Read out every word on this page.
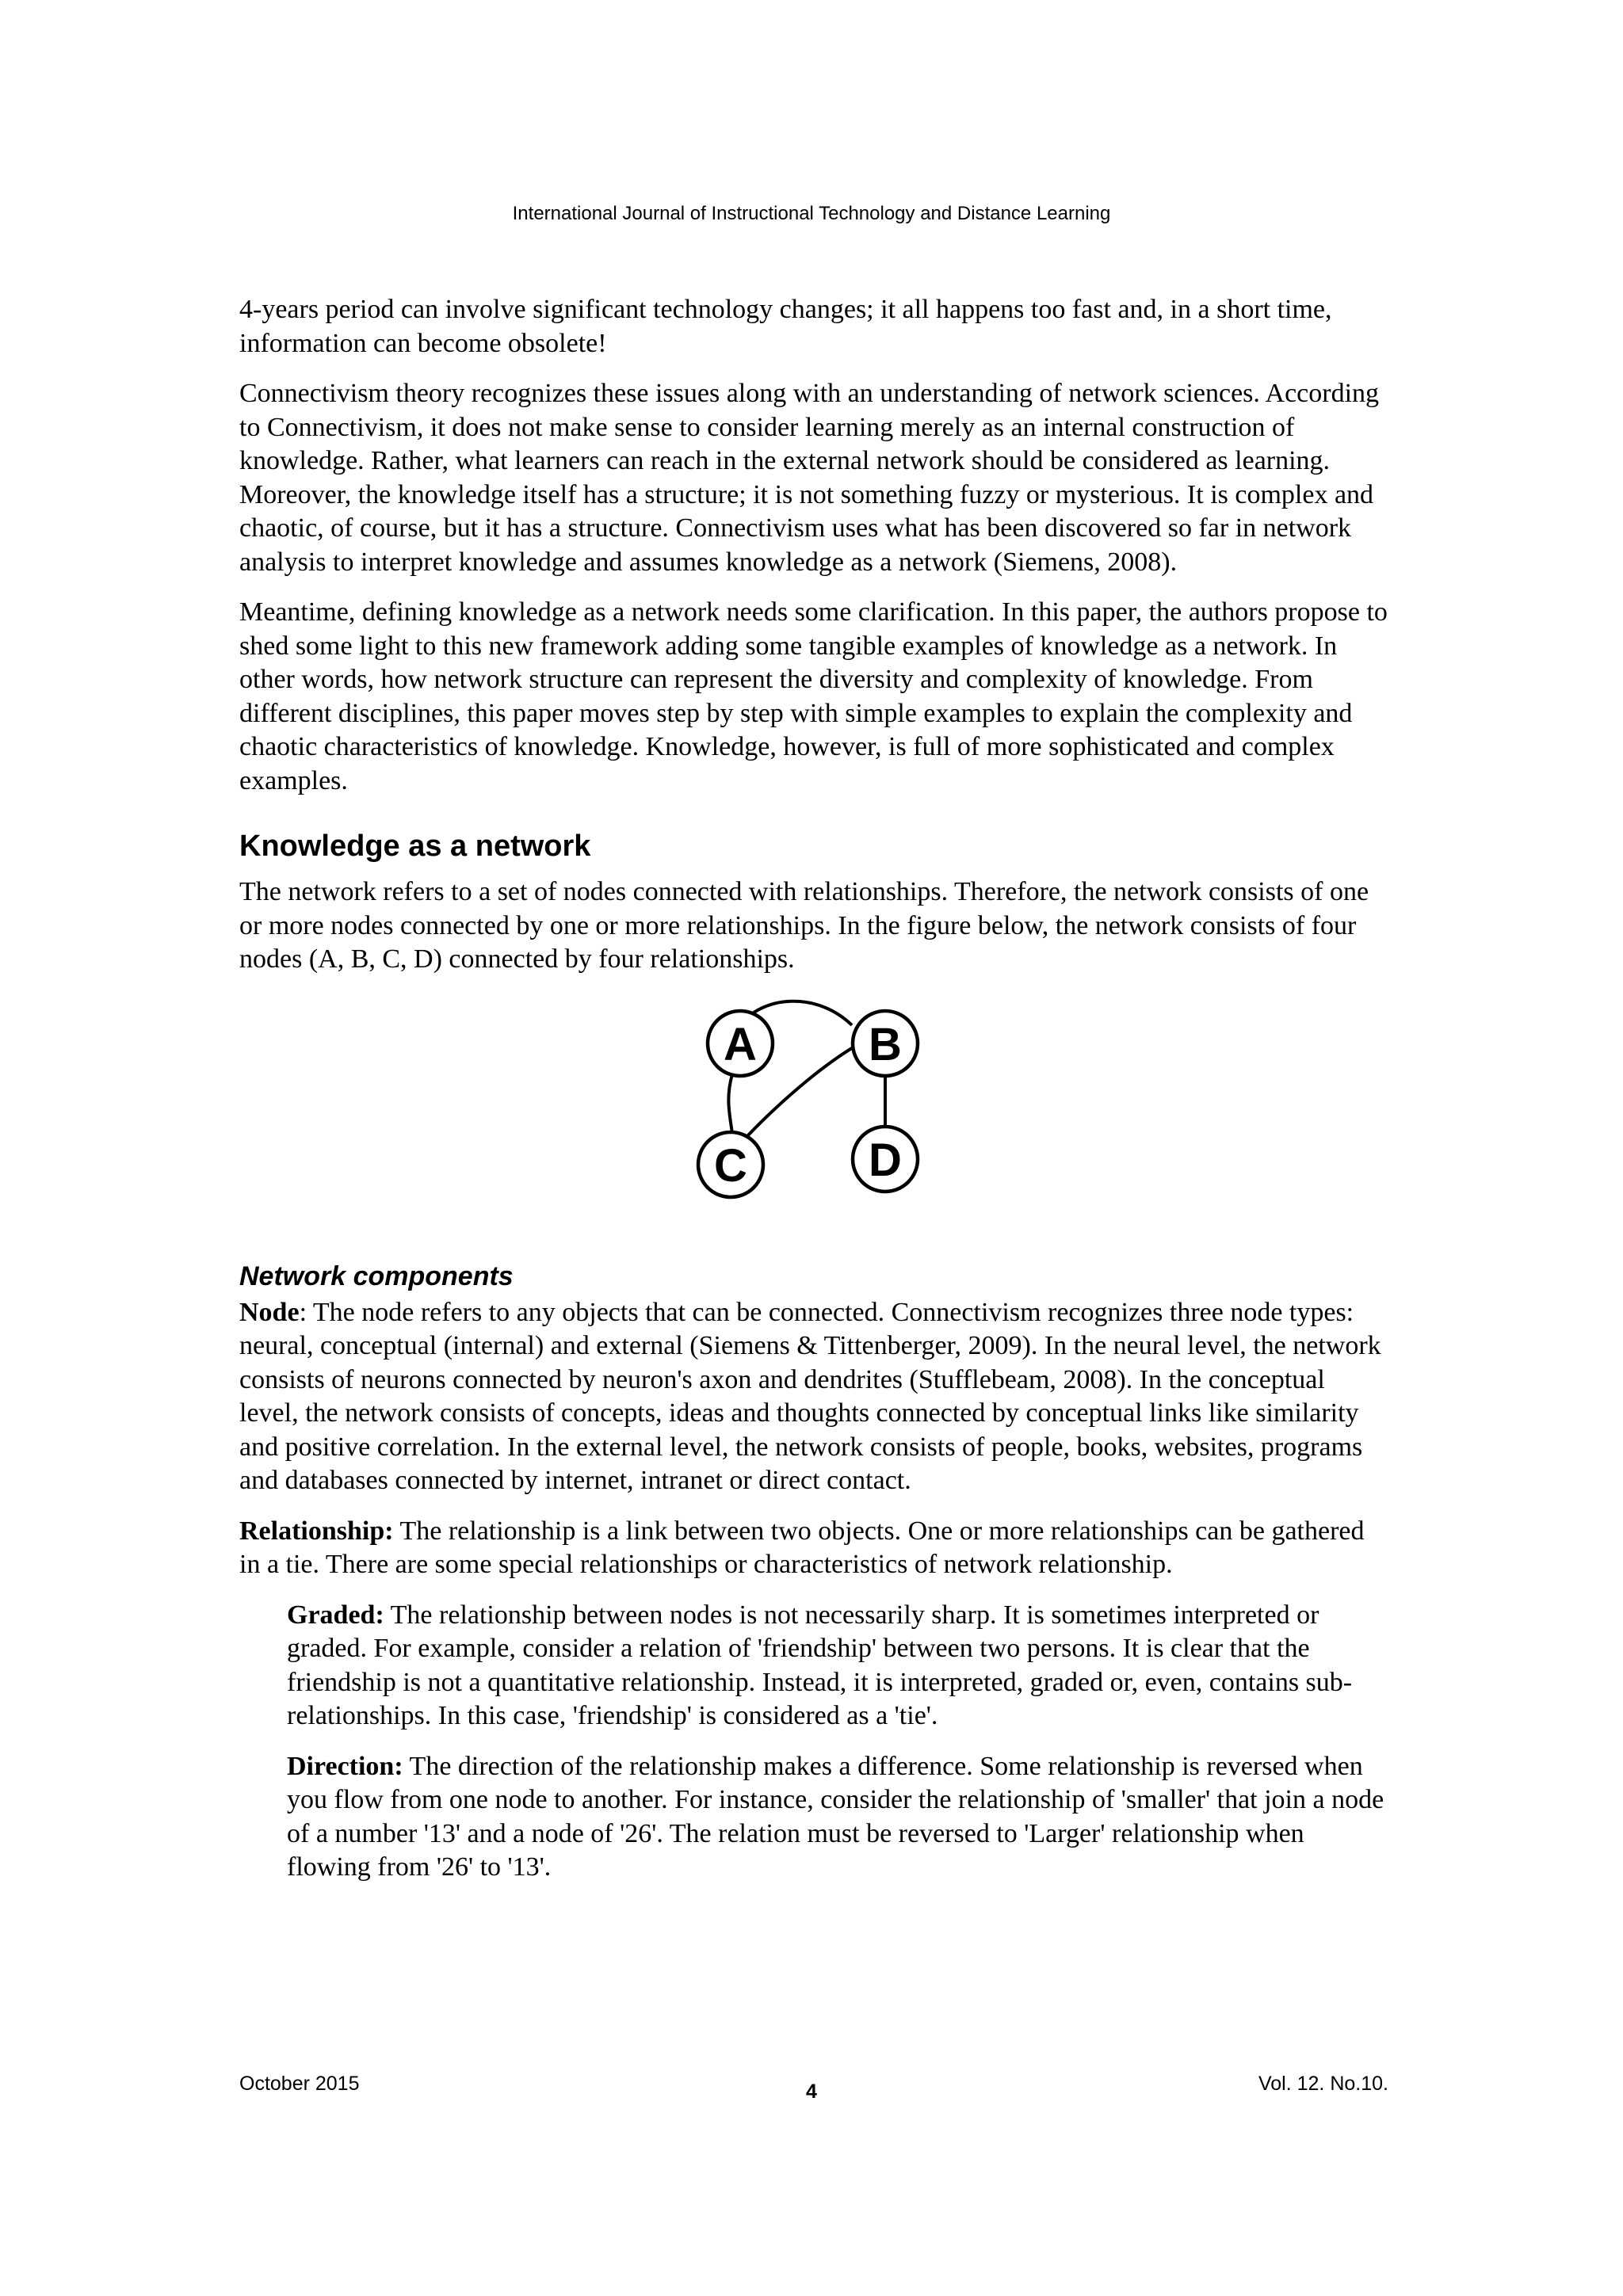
International Journal of Instructional Technology and Distance Learning

4-years period can involve significant technology changes; it all happens too fast and, in a short time, information can become obsolete!

Connectivism theory recognizes these issues along with an understanding of network sciences. According to Connectivism, it does not make sense to consider learning merely as an internal construction of knowledge. Rather, what learners can reach in the external network should be considered as learning. Moreover, the knowledge itself has a structure; it is not something fuzzy or mysterious. It is complex and chaotic, of course, but it has a structure. Connectivism uses what has been discovered so far in network analysis to interpret knowledge and assumes knowledge as a network (Siemens, 2008).

Meantime, defining knowledge as a network needs some clarification. In this paper, the authors propose to shed some light to this new framework adding some tangible examples of knowledge as a network. In other words, how network structure can represent the diversity and complexity of knowledge. From different disciplines, this paper moves step by step with simple examples to explain the complexity and chaotic characteristics of knowledge. Knowledge, however, is full of more sophisticated and complex examples.

Knowledge as a network

The network refers to a set of nodes connected with relationships. Therefore, the network consists of one or more nodes connected by one or more relationships. In the figure below, the network consists of four nodes (A, B, C, D) connected by four relationships.

A B
C	D
Network components

Node: The node refers to any objects that can be connected. Connectivism recognizes three node types: neural, conceptual (internal) and external (Siemens & Tittenberger, 2009). In the neural level, the network consists of neurons connected by neuron's axon and dendrites (Stufflebeam, 2008). In the conceptual level, the network consists of concepts, ideas and thoughts connected by conceptual links like similarity and positive correlation. In the external level, the network consists of people, books, websites, programs and databases connected by internet, intranet or direct contact.

Relationship: The relationship is a link between two objects. One or more relationships can be gathered in a tie. There are some special relationships or characteristics of network relationship.

Graded: The relationship between nodes is not necessarily sharp. It is sometimes interpreted or graded. For example, consider a relation of 'friendship' between two persons. It is clear that the friendship is not a quantitative relationship. Instead, it is interpreted, graded or, even, contains sub-relationships. In this case, 'friendship' is considered as a 'tie'.

Direction: The direction of the relationship makes a difference. Some relationship is reversed when you flow from one node to another. For instance, consider the relationship of 'smaller' that join a node of a number '13' and a node of '26'. The relation must be reversed to 'Larger' relationship when flowing from '26' to '13'.

October 2015	4	Vol. 12. No.10.
